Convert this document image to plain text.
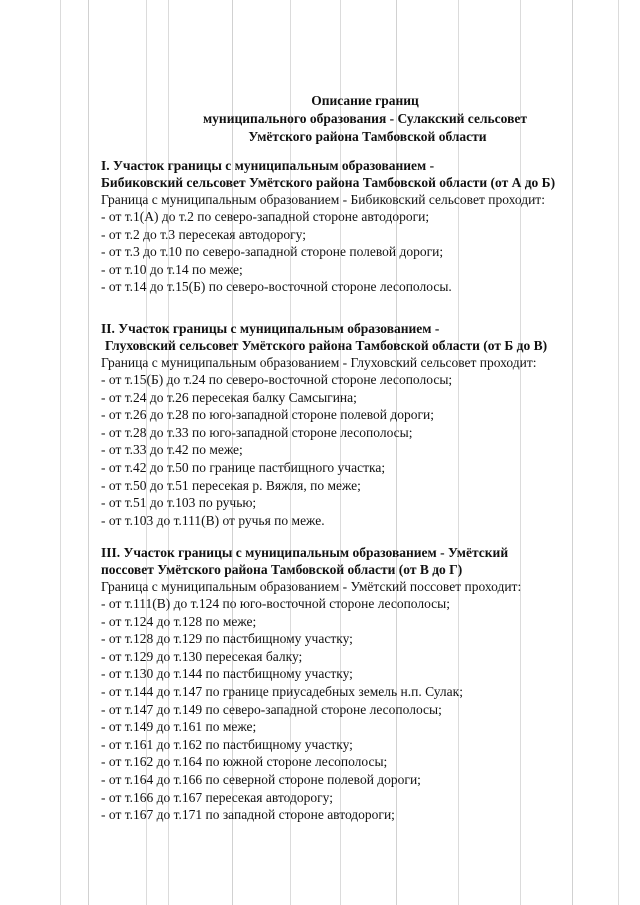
Описание границ
муниципального образования - Сулакский сельсовет
Умётского района Тамбовской области
I. Участок границы с муниципальным образованием -
Бибиковский сельсовет Умётского района Тамбовской области (от А до Б)
Граница с муниципальным образованием - Бибиковский сельсовет проходит:
- от т.1(А) до т.2 по северо-западной стороне автодороги;
- от т.2 до т.3 пересекая автодорогу;
- от т.3 до т.10 по северо-западной стороне полевой дороги;
- от т.10 до т.14 по меже;
- от т.14 до т.15(Б) по северо-восточной стороне лесополосы.
II. Участок границы с муниципальным образованием -
Глуховский сельсовет Умётского района Тамбовской области (от Б до В)
Граница с муниципальным образованием - Глуховский сельсовет проходит:
- от т.15(Б) до т.24 по северо-восточной стороне лесополосы;
- от т.24 до т.26 пересекая балку Самсыгина;
- от т.26 до т.28 по юго-западной стороне полевой дороги;
- от т.28 до т.33 по юго-западной стороне лесополосы;
- от т.33 до т.42 по меже;
- от т.42 до т.50 по границе пастбищного участка;
- от т.50 до т.51 пересекая р. Вяжля, по меже;
- от т.51 до т.103 по ручью;
- от т.103 до т.111(В) от ручья по меже.
III. Участок границы с муниципальным образованием - Умётский
поссовет Умётского района Тамбовской области (от В до Г)
Граница с муниципальным образованием - Умётский поссовет проходит:
- от т.111(В) до т.124 по юго-восточной стороне лесополосы;
- от т.124 до т.128 по меже;
- от т.128 до т.129 по пастбищному участку;
- от т.129 до т.130 пересекая балку;
- от т.130 до т.144 по пастбищному участку;
- от т.144 до т.147 по границе приусадебных земель н.п. Сулак;
- от т.147 до т.149 по северо-западной стороне лесополосы;
- от т.149 до т.161 по меже;
- от т.161 до т.162 по пастбищному участку;
- от т.162 до т.164 по южной стороне лесополосы;
- от т.164 до т.166 по северной стороне полевой дороги;
- от т.166 до т.167 пересекая автодорогу;
- от т.167 до т.171 по западной стороне автодороги;
